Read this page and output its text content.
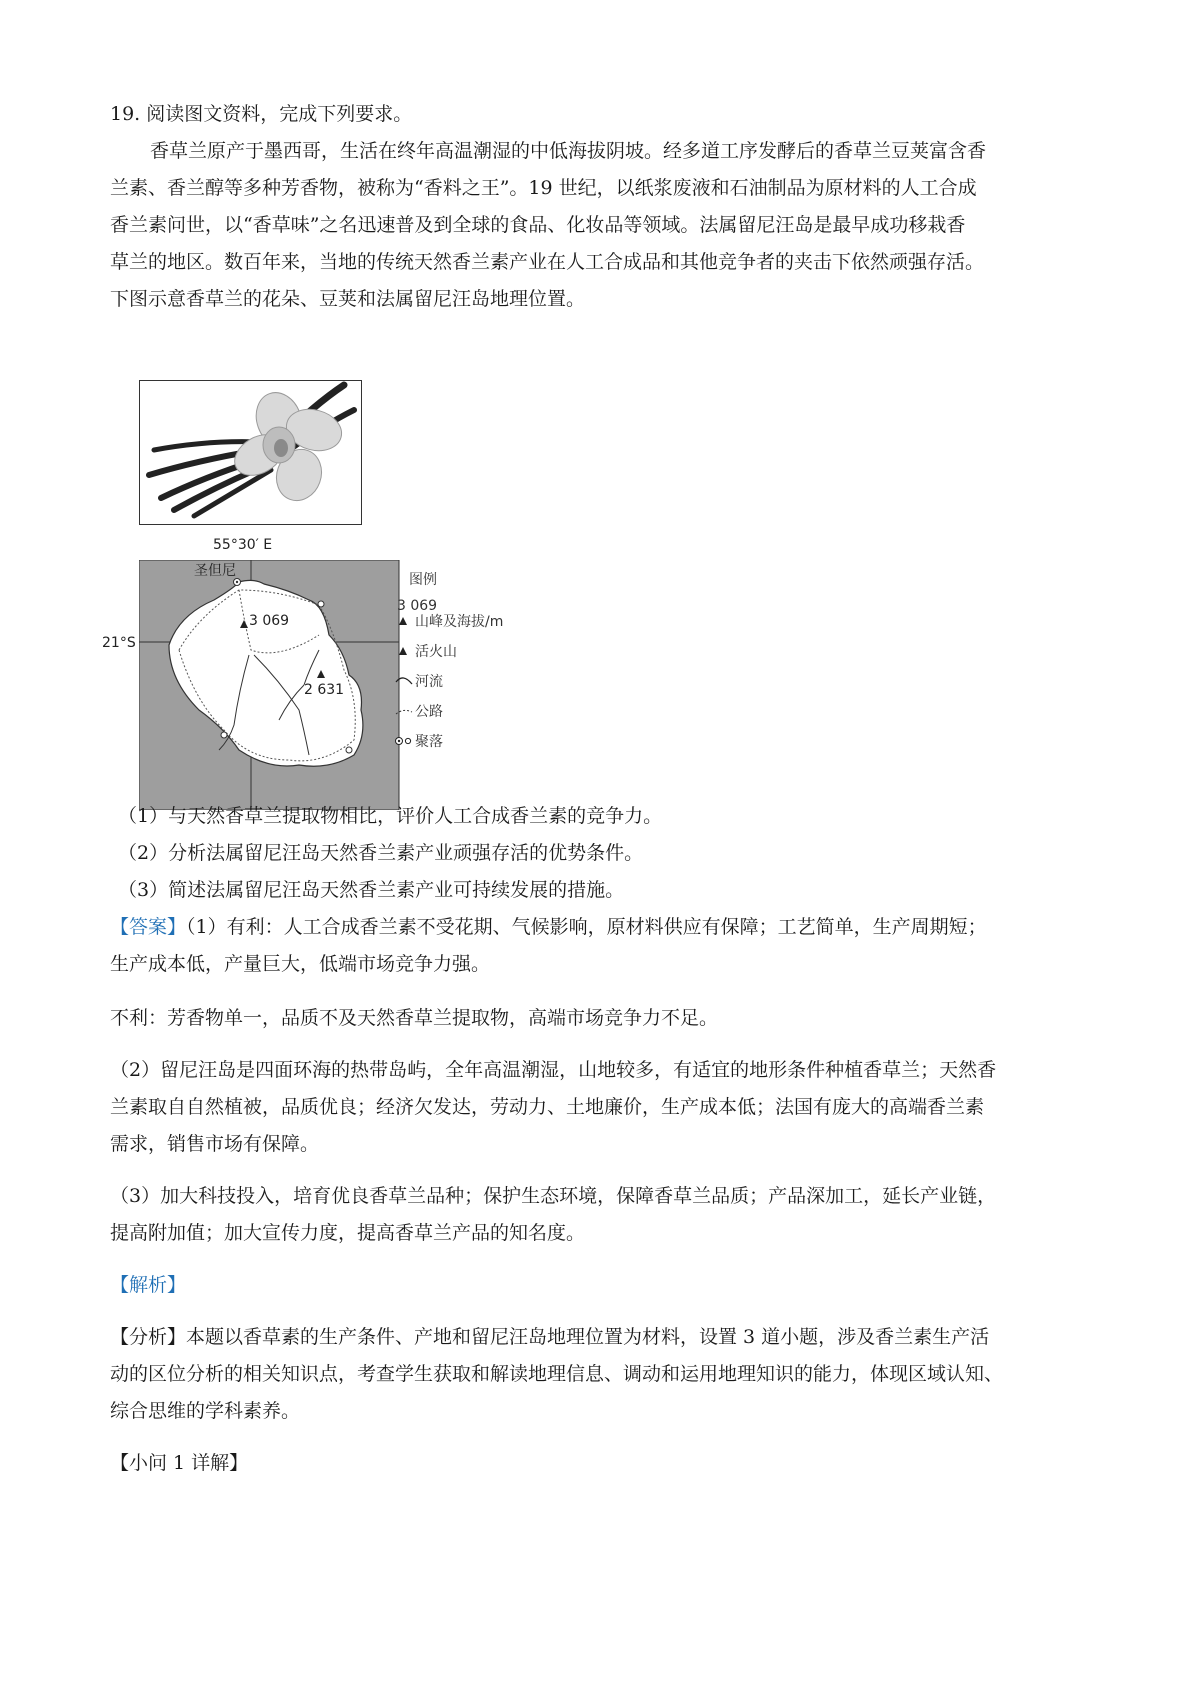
19. 阅读图文资料，完成下列要求。

香草兰原产于墨西哥，生活在终年高温潮湿的中低海拔阴坡。经多道工序发酵后的香草兰豆荚富含香

兰素、香兰醇等多种芳香物，被称为“香料之王”。19 世纪，以纸浆废液和石油制品为原材料的人工合成

香兰素问世，以“香草味”之名迅速普及到全球的食品、化妆品等领域。法属留尼汪岛是最早成功移栽香

草兰的地区。数百年来，当地的传统天然香兰素产业在人工合成品和其他竞争者的夹击下依然顽强存活。

下图示意香草兰的花朵、豆荚和法属留尼汪岛地理位置。

55°30′ E
圣但尼
3 069
2 631
图例
3 069
山峰及海拔/m
活火山
河流
公路
聚落
21°S

（1）与天然香草兰提取物相比，评价人工合成香兰素的竞争力。

（2）分析法属留尼汪岛天然香兰素产业顽强存活的优势条件。

（3）简述法属留尼汪岛天然香兰素产业可持续发展的措施。

【答案】（1）有利：人工合成香兰素不受花期、气候影响，原材料供应有保障；工艺简单，生产周期短；

生产成本低，产量巨大，低端市场竞争力强。

不利：芳香物单一，品质不及天然香草兰提取物，高端市场竞争力不足。

（2）留尼汪岛是四面环海的热带岛屿，全年高温潮湿，山地较多，有适宜的地形条件种植香草兰；天然香

兰素取自自然植被，品质优良；经济欠发达，劳动力、土地廉价，生产成本低；法国有庞大的高端香兰素

需求，销售市场有保障。

（3）加大科技投入，培育优良香草兰品种；保护生态环境，保障香草兰品质；产品深加工，延长产业链，

提高附加值；加大宣传力度，提高香草兰产品的知名度。

【解析】

【分析】本题以香草素的生产条件、产地和留尼汪岛地理位置为材料，设置 3 道小题，涉及香兰素生产活

动的区位分析的相关知识点，考查学生获取和解读地理信息、调动和运用地理知识的能力，体现区域认知、

综合思维的学科素养。

【小问 1 详解】
